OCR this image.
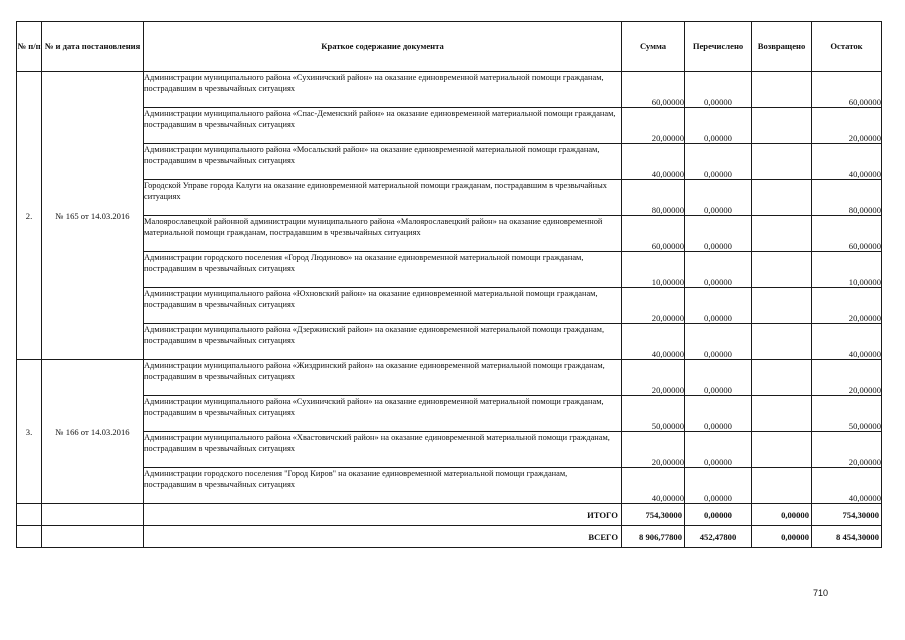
№ п/п	№ и дата постановления	Краткое содержание документа	Сумма	Перечислено	Возвращено	Остаток
2.	№ 165 от 14.03.2016	Администрации муниципального района «Сухиничский район» на оказание единовременной материальной помощи гражданам, пострадавшим в чрезвычайных ситуациях	60,00000	0,00000		60,00000
		Администрации муниципального района «Спас-Деменский район» на оказание единовременной материальной помощи гражданам, пострадавшим в чрезвычайных ситуациях	20,00000	0,00000		20,00000
		Администрации муниципального района «Мосальский район» на оказание единовременной материальной помощи гражданам, пострадавшим в чрезвычайных ситуациях	40,00000	0,00000		40,00000
		Городской Управе города Калуги на оказание единовременной материальной помощи гражданам, пострадавшим в чрезвычайных ситуациях	80,00000	0,00000		80,00000
		Малоярославецкой районной администрации муниципального района «Малоярославецкий район» на оказание единовременной материальной помощи гражданам, пострадавшим в чрезвычайных ситуациях	60,00000	0,00000		60,00000
		Администрации городского поселения «Город Людиново» на оказание единовременной материальной помощи гражданам, пострадавшим в чрезвычайных ситуациях	10,00000	0,00000		10,00000
		Администрации муниципального района «Юхновский район» на оказание единовременной материальной помощи гражданам, пострадавшим в чрезвычайных ситуациях	20,00000	0,00000		20,00000
		Администрации муниципального района «Дзержинский район» на оказание единовременной материальной помощи гражданам, пострадавшим в чрезвычайных ситуациях	40,00000	0,00000		40,00000
3.	№ 166 от 14.03.2016	Администрации муниципального района «Жиздринский район» на оказание единовременной материальной помощи гражданам, пострадавшим в чрезвычайных ситуациях	20,00000	0,00000		20,00000
		Администрации муниципального района «Сухиничский район» на оказание единовременной материальной помощи гражданам, пострадавшим в чрезвычайных ситуациях	50,00000	0,00000		50,00000
		Администрации муниципального района «Хвастовичский район» на оказание единовременной материальной помощи гражданам, пострадавшим в чрезвычайных ситуациях	20,00000	0,00000		20,00000
		Администрации городского поселения "Город Киров" на оказание единовременной материальной помощи гражданам, пострадавшим в чрезвычайных ситуациях	40,00000	0,00000		40,00000
		ИТОГО	754,30000	0,00000	0,00000	754,30000
		ВСЕГО	8 906,77800	452,47800	0,00000	8 454,30000
710
